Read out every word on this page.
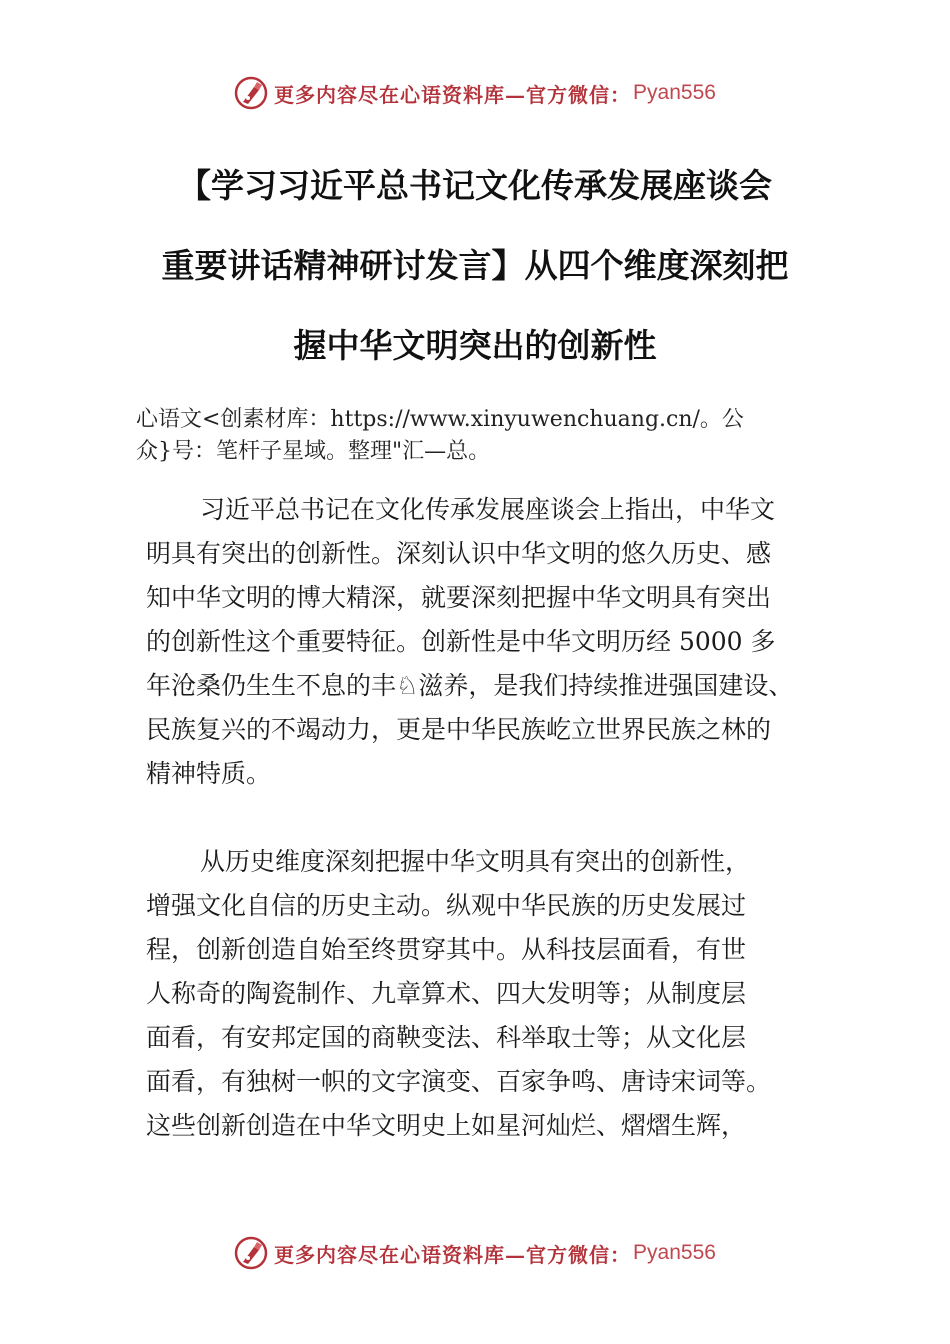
更多内容尽在心语资料库—官方微信： Pyan556
【学习习近平总书记文化传承发展座谈会
重要讲话精神研讨发言】从四个维度深刻把
握中华文明突出的创新性
心语文<创素材库：https://www.xinyuwenchuang.cn/。公
众}号：笔杆子星域。整理"汇—总。
习近平总书记在文化传承发展座谈会上指出，中华文
明具有突出的创新性。深刻认识中华文明的悠久历史、感
知中华文明的博大精深，就要深刻把握中华文明具有突出
的创新性这个重要特征。创新性是中华文明历经 5000 多
年沧桑仍生生不息的丰♘滋养，是我们持续推进强国建设、
民族复兴的不竭动力，更是中华民族屹立世界民族之林的
精神特质。
从历史维度深刻把握中华文明具有突出的创新性，
增强文化自信的历史主动。纵观中华民族的历史发展过
程，创新创造自始至终贯穿其中。从科技层面看，有世
人称奇的陶瓷制作、九章算术、四大发明等；从制度层
面看，有安邦定国的商鞅变法、科举取士等；从文化层
面看，有独树一帜的文字演变、百家争鸣、唐诗宋词等。
这些创新创造在中华文明史上如星河灿烂、熠熠生辉，
更多内容尽在心语资料库—官方微信： Pyan556
